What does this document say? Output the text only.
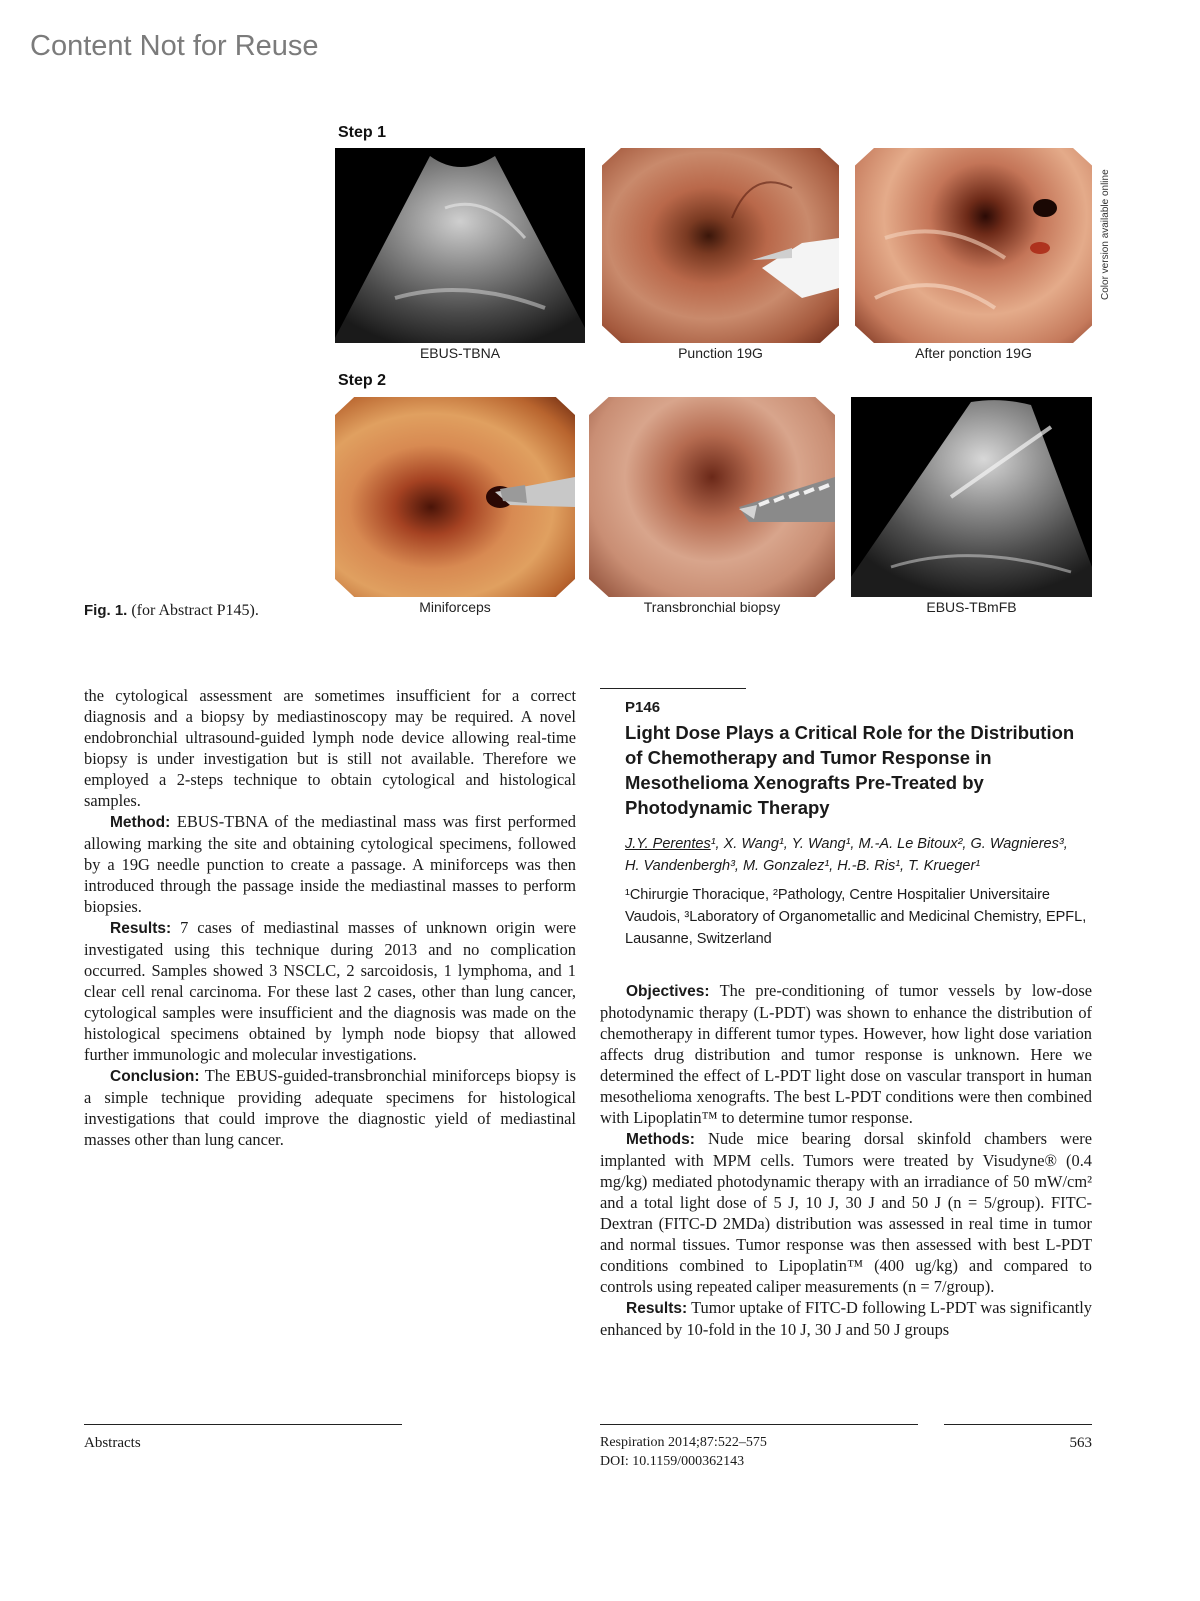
Content Not for Reuse
Step 1
Color version available online
EBUS-TBNA	Punction 19G	After ponction 19G
Step 2
Miniforceps	Transbronchial biopsy	EBUS-TBmFB
Fig. 1. (for Abstract P145).

the cytological assessment are sometimes insufficient for a correct diagnosis and a biopsy by mediastinoscopy may be required. A novel endobronchial ultrasound-guided lymph node device allowing real-time biopsy is under investigation but is still not available. Therefore we employed a 2-steps technique to obtain cytological and histological samples.

Method: EBUS-TBNA of the mediastinal mass was first performed allowing marking the site and obtaining cytological specimens, followed by a 19G needle punction to create a passage. A miniforceps was then introduced through the passage inside the mediastinal masses to perform biopsies.

Results: 7 cases of mediastinal masses of unknown origin were investigated using this technique during 2013 and no complication occurred. Samples showed 3 NSCLC, 2 sarcoidosis, 1 lymphoma, and 1 clear cell renal carcinoma. For these last 2 cases, other than lung cancer, cytological samples were insufficient and the diagnosis was made on the histological specimens obtained by lymph node biopsy that allowed further immunologic and molecular investigations.

Conclusion: The EBUS-guided-transbronchial miniforceps biopsy is a simple technique providing adequate specimens for histological investigations that could improve the diagnostic yield of mediastinal masses other than lung cancer.

P146
Light Dose Plays a Critical Role for the Distribution of Chemotherapy and Tumor Response in Mesothelioma Xenografts Pre-Treated by Photodynamic Therapy
J.Y. Perentes¹, X. Wang¹, Y. Wang¹, M.-A. Le Bitoux², G. Wagnieres³,
H. Vandenbergh³, M. Gonzalez¹, H.-B. Ris¹, T. Krueger¹
¹Chirurgie Thoracique, ²Pathology, Centre Hospitalier Universitaire Vaudois, ³Laboratory of Organometallic and Medicinal Chemistry, EPFL, Lausanne, Switzerland

Objectives: The pre-conditioning of tumor vessels by low-dose photodynamic therapy (L-PDT) was shown to enhance the distribution of chemotherapy in different tumor types. However, how light dose variation affects drug distribution and tumor response is unknown. Here we determined the effect of L-PDT light dose on vascular transport in human mesothelioma xenografts. The best L-PDT conditions were then combined with Lipoplatin™ to determine tumor response.

Methods: Nude mice bearing dorsal skinfold chambers were implanted with MPM cells. Tumors were treated by Visudyne® (0.4 mg/kg) mediated photodynamic therapy with an irradiance of 50 mW/cm² and a total light dose of 5 J, 10 J, 30 J and 50 J (n = 5/group). FITC-Dextran (FITC-D 2MDa) distribution was assessed in real time in tumor and normal tissues. Tumor response was then assessed with best L-PDT conditions combined to Lipoplatin™ (400 ug/kg) and compared to controls using repeated caliper measurements (n = 7/group).

Results: Tumor uptake of FITC-D following L-PDT was significantly enhanced by 10-fold in the 10 J, 30 J and 50 J groups

Abstracts	Respiration 2014;87:522–575
DOI: 10.1159/000362143
563
